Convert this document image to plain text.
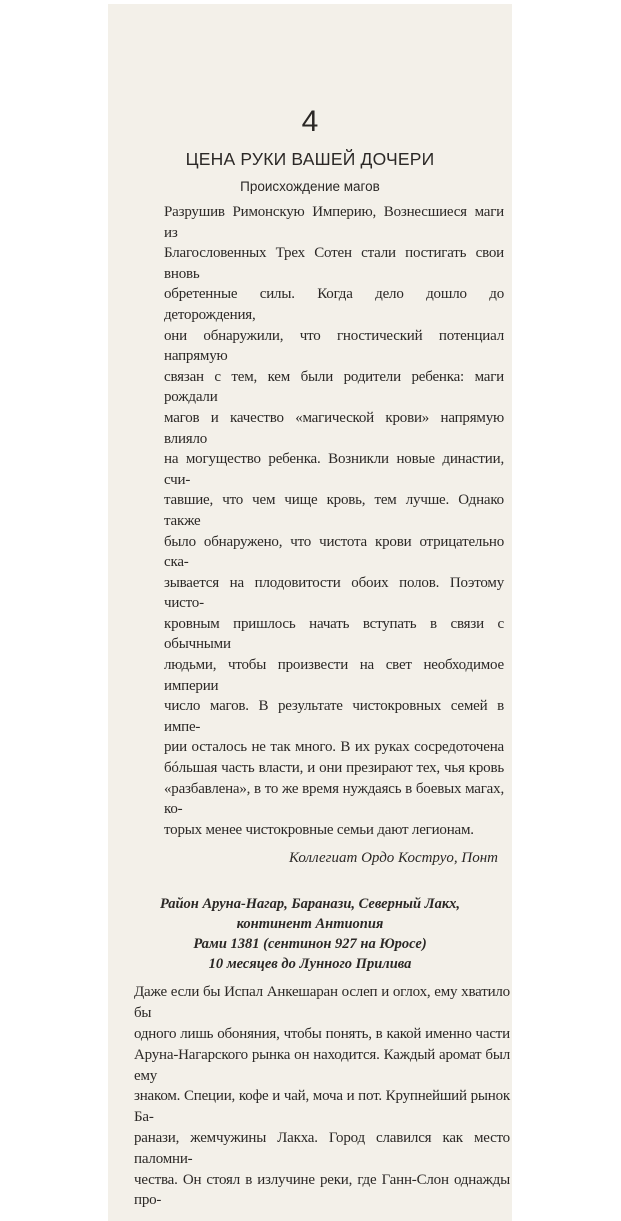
4
ЦЕНА РУКИ ВАШЕЙ ДОЧЕРИ
Происхождение магов
Разрушив Римонскую Империю, Вознесшиеся маги из
Благословенных Трех Сотен стали постигать свои вновь
обретенные силы. Когда дело дошло до деторождения,
они обнаружили, что гностический потенциал напрямую
связан с тем, кем были родители ребенка: маги рождали
магов и качество «магической крови» напрямую влияло
на могущество ребенка. Возникли новые династии, счи-
тавшие, что чем чище кровь, тем лучше. Однако также
было обнаружено, что чистота крови отрицательно ска-
зывается на плодовитости обоих полов. Поэтому чисто-
кровным пришлось начать вступать в связи с обычными
людьми, чтобы произвести на свет необходимое империи
число магов. В результате чистокровных семей в импе-
рии осталось не так много. В их руках сосредоточена
бóльшая часть власти, и они презирают тех, чья кровь
«разбавлена», в то же время нуждаясь в боевых магах, ко-
торых менее чистокровные семьи дают легионам.
Коллегиат Ордо Коструо, Понт
Район Аруна-Нагар, Баранази, Северный Лакх,
континент Антиопия
Рами 1381 (сентинон 927 на Юросе)
10 месяцев до Лунного Прилива
Даже если бы Испал Анкешаран ослеп и оглох, ему хватило бы
одного лишь обоняния, чтобы понять, в какой именно части
Аруна-Нагарского рынка он находится. Каждый аромат был ему
знаком. Специи, кофе и чай, моча и пот. Крупнейший рынок Ба-
ранази, жемчужины Лакха. Город славился как место паломни-
чества. Он стоял в излучине реки, где Ганн-Слон однажды про-
